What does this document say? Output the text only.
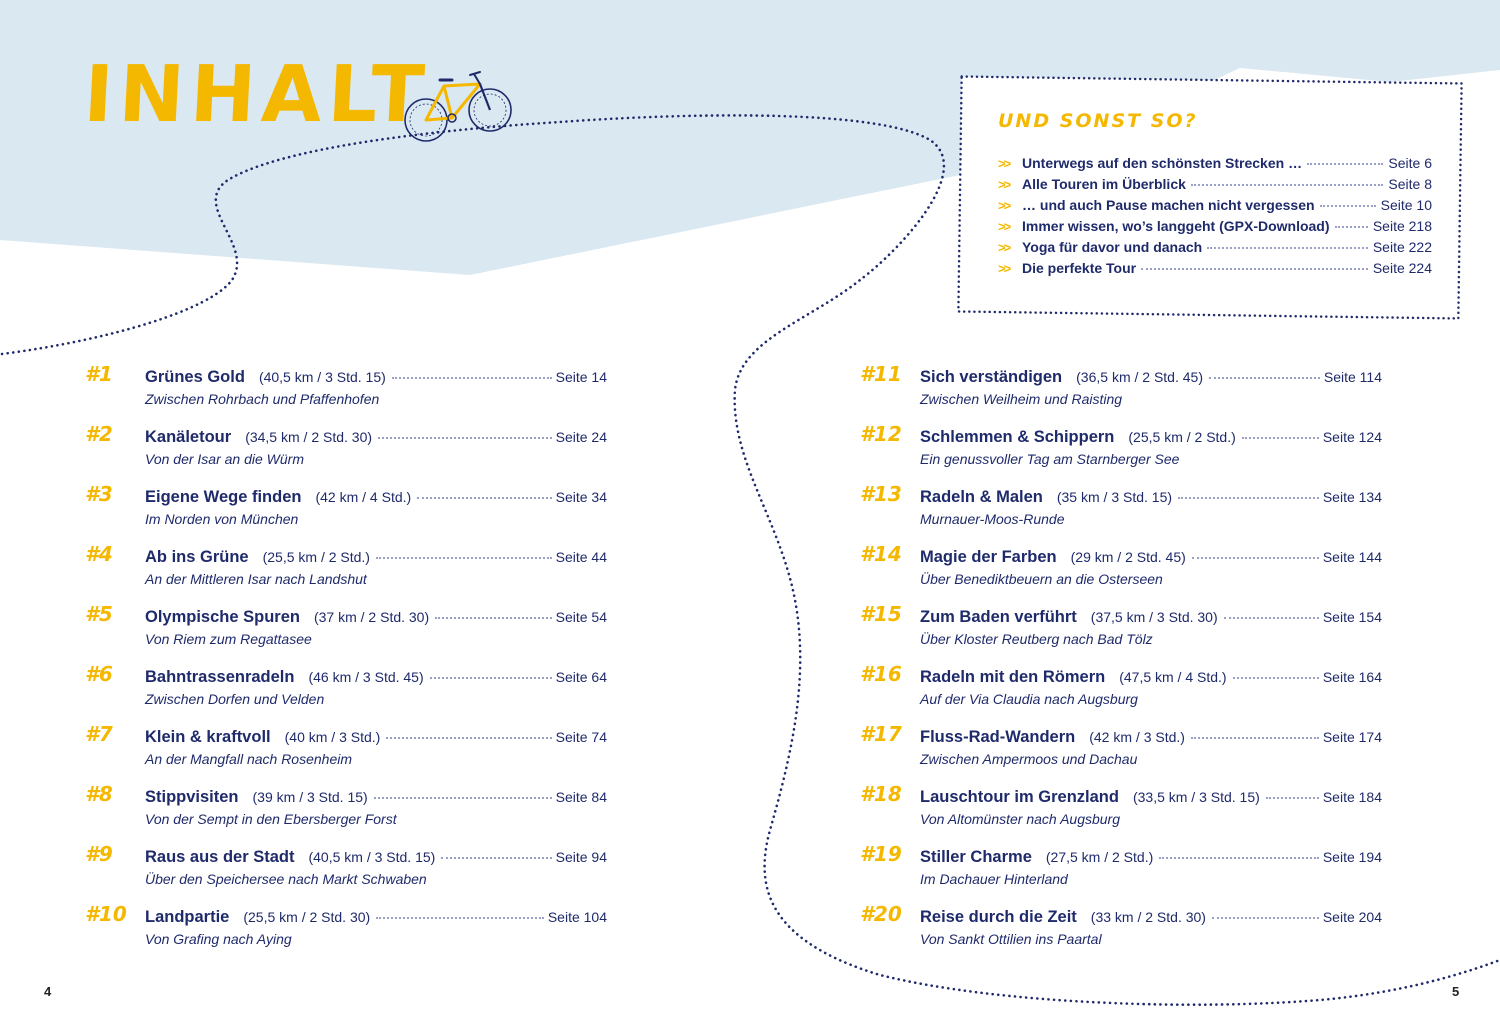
INHALT	UND SONST SO?
>> Unterwegs auf den schönsten Strecken …	Seite 6
>> Alle Touren im Überblick	Seite 8
>> … und auch Pause machen nicht vergessen	Seite 10
>> Immer wissen, wo’s langgeht (GPX-Download)	Seite 218
>> Yoga für davor und danach	Seite 222
>> Die perfekte Tour	Seite 224
#1 Grünes Gold (40,5 km / 3 Std. 15)	Seite 14
Zwischen Rohrbach und Pfaffenhofen
#2 Kanäletour (34,5 km / 2 Std. 30)	Seite 24
Von der Isar an die Würm
#3 Eigene Wege finden (42 km / 4 Std.)	Seite 34
Im Norden von München
#4 Ab ins Grüne (25,5 km / 2 Std.)	Seite 44
An der Mittleren Isar nach Landshut
#5 Olympische Spuren (37 km / 2 Std. 30)	Seite 54
Von Riem zum Regattasee
#6 Bahntrassenradeln (46 km / 3 Std. 45)	Seite 64
Zwischen Dorfen und Velden
#7 Klein & kraftvoll (40 km / 3 Std.)	Seite 74
An der Mangfall nach Rosenheim
#8 Stippvisiten (39 km / 3 Std. 15)	Seite 84
Von der Sempt in den Ebersberger Forst
#9 Raus aus der Stadt (40,5 km / 3 Std. 15)	Seite 94
Über den Speichersee nach Markt Schwaben
#10 Landpartie (25,5 km / 2 Std. 30)	Seite 104
Von Grafing nach Aying
#11 Sich verständigen (36,5 km / 2 Std. 45)	Seite 114
Zwischen Weilheim und Raisting
#12 Schlemmen & Schippern (25,5 km / 2 Std.)	Seite 124
Ein genussvoller Tag am Starnberger See
#13 Radeln & Malen (35 km / 3 Std. 15)	Seite 134
Murnauer-Moos-Runde
#14 Magie der Farben (29 km / 2 Std. 45)	Seite 144
Über Benediktbeuern an die Osterseen
#15 Zum Baden verführt (37,5 km / 3 Std. 30)	Seite 154
Über Kloster Reutberg nach Bad Tölz
#16 Radeln mit den Römern (47,5 km / 4 Std.)	Seite 164
Auf der Via Claudia nach Augsburg
#17 Fluss-Rad-Wandern (42 km / 3 Std.)	Seite 174
Zwischen Ampermoos und Dachau
#18 Lauschtour im Grenzland (33,5 km / 3 Std. 15)	Seite 184
Von Altomünster nach Augsburg
#19 Stiller Charme (27,5 km / 2 Std.)	Seite 194
Im Dachauer Hinterland
#20 Reise durch die Zeit (33 km / 2 Std. 30)	Seite 204
Von Sankt Ottilien ins Paartal
4	5
